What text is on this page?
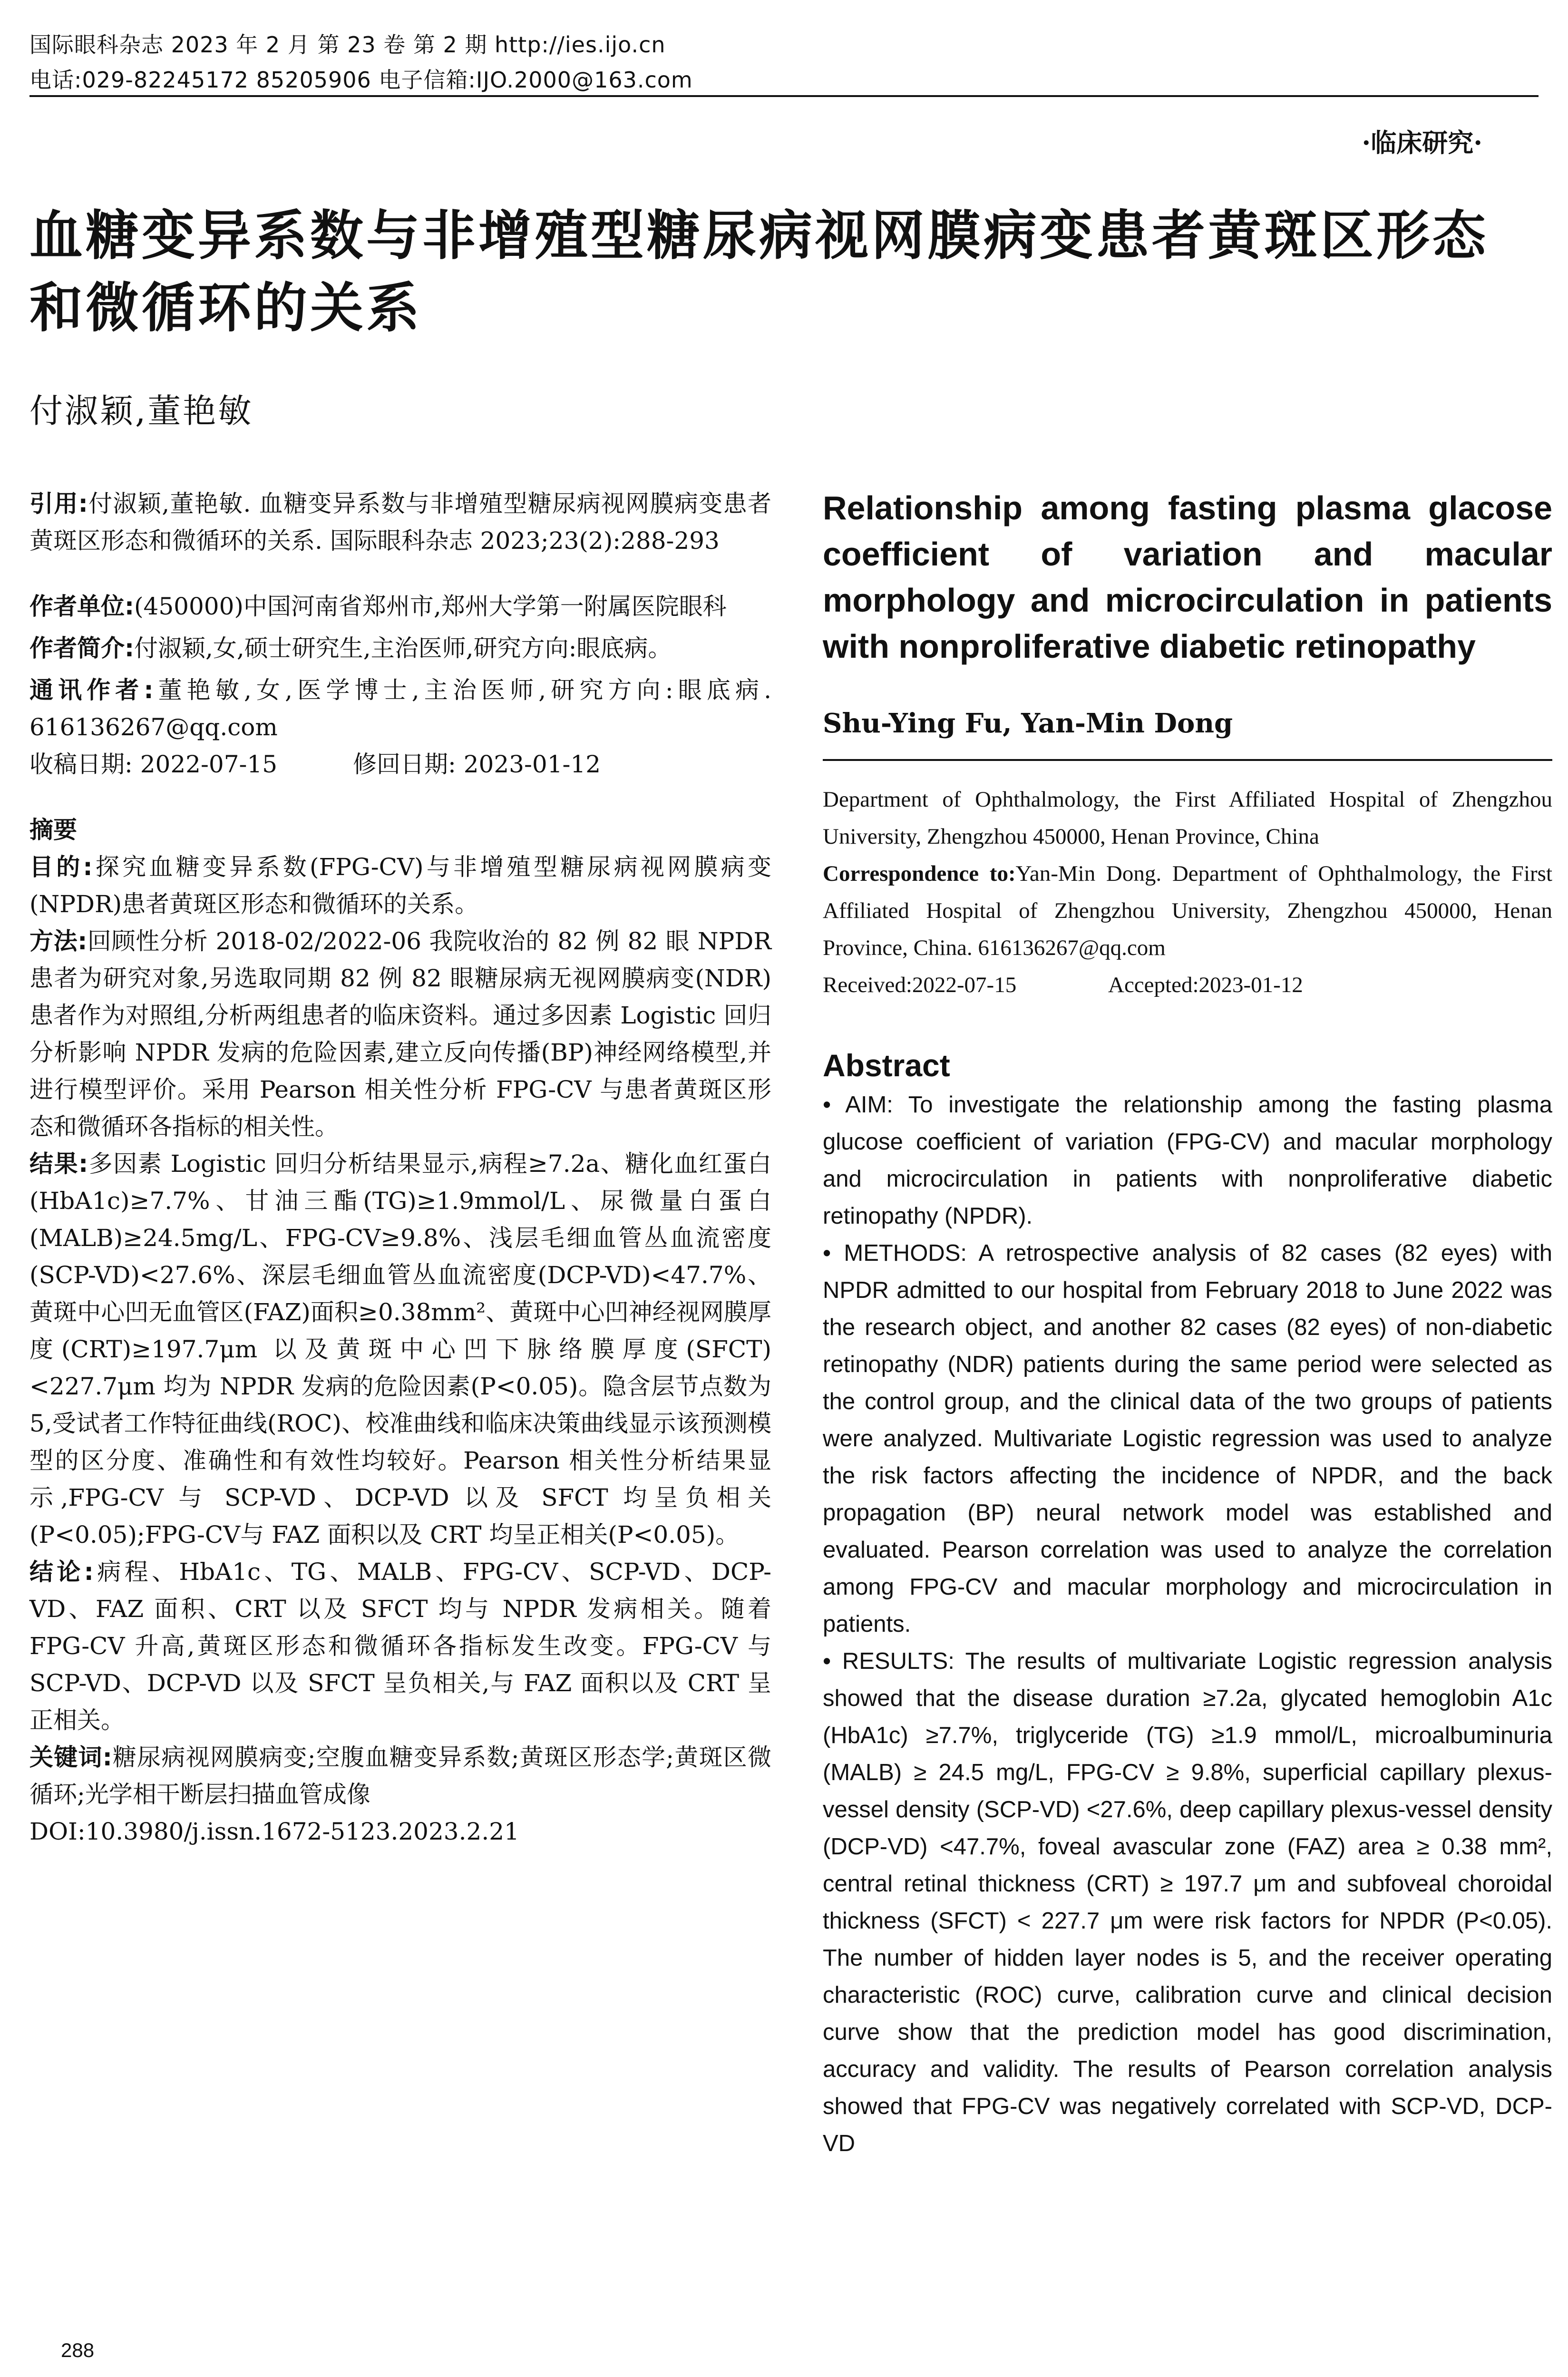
国际眼科杂志 2023 年 2 月 第 23 卷 第 2 期 http://ies.ijo.cn
电话:029-82245172 85205906 电子信箱:IJO.2000@163.com
·临床研究·
血糖变异系数与非增殖型糖尿病视网膜病变患者黄斑区形态和微循环的关系
付淑颖,董艳敏
引用:付淑颖,董艳敏. 血糖变异系数与非增殖型糖尿病视网膜病变患者黄斑区形态和微循环的关系. 国际眼科杂志 2023;23(2):288-293
作者单位:(450000)中国河南省郑州市,郑州大学第一附属医院眼科
作者简介:付淑颖,女,硕士研究生,主治医师,研究方向:眼底病。
通讯作者:董艳敏,女,医学博士,主治医师,研究方向:眼底病. 616136267@qq.com
收稿日期: 2022-07-15	修回日期: 2023-01-12
摘要
目的:探究血糖变异系数(FPG-CV)与非增殖型糖尿病视网膜病变(NPDR)患者黄斑区形态和微循环的关系。
方法:回顾性分析 2018-02/2022-06 我院收治的 82 例 82 眼 NPDR 患者为研究对象,另选取同期 82 例 82 眼糖尿病无视网膜病变(NDR)患者作为对照组,分析两组患者的临床资料。通过多因素 Logistic 回归分析影响 NPDR 发病的危险因素,建立反向传播(BP)神经网络模型,并进行模型评价。采用 Pearson 相关性分析 FPG-CV 与患者黄斑区形态和微循环各指标的相关性。
结果:多因素 Logistic 回归分析结果显示,病程≥7.2a、糖化血红蛋白(HbA1c)≥7.7%、甘油三酯(TG)≥1.9mmol/L、尿微量白蛋白(MALB)≥24.5mg/L、FPG-CV≥9.8%、浅层毛细血管丛血流密度(SCP-VD)<27.6%、深层毛细血管丛血流密度(DCP-VD)<47.7%、黄斑中心凹无血管区(FAZ)面积≥0.38mm²、黄斑中心凹神经视网膜厚度(CRT)≥197.7μm 以及黄斑中心凹下脉络膜厚度(SFCT)<227.7μm 均为 NPDR 发病的危险因素(P<0.05)。隐含层节点数为 5,受试者工作特征曲线(ROC)、校准曲线和临床决策曲线显示该预测模型的区分度、准确性和有效性均较好。Pearson 相关性分析结果显示,FPG-CV 与 SCP-VD、DCP-VD 以及 SFCT 均呈负相关(P<0.05);FPG-CV与 FAZ 面积以及 CRT 均呈正相关(P<0.05)。
结论:病程、HbA1c、TG、MALB、FPG-CV、SCP-VD、DCP-VD、FAZ 面积、CRT 以及 SFCT 均与 NPDR 发病相关。随着 FPG-CV 升高,黄斑区形态和微循环各指标发生改变。FPG-CV 与 SCP-VD、DCP-VD 以及 SFCT 呈负相关,与 FAZ 面积以及 CRT 呈正相关。
关键词:糖尿病视网膜病变;空腹血糖变异系数;黄斑区形态学;黄斑区微循环;光学相干断层扫描血管成像
DOI:10.3980/j.issn.1672-5123.2023.2.21
Relationship among fasting plasma glacose coefficient of variation and macular morphology and microcirculation in patients with nonproliferative diabetic retinopathy
Shu-Ying Fu, Yan-Min Dong
Department of Ophthalmology, the First Affiliated Hospital of Zhengzhou University, Zhengzhou 450000, Henan Province, China
Correspondence to:Yan-Min Dong. Department of Ophthalmology, the First Affiliated Hospital of Zhengzhou University, Zhengzhou 450000, Henan Province, China. 616136267@qq.com
Received:2022-07-15	Accepted:2023-01-12
Abstract
• AIM: To investigate the relationship among the fasting plasma glucose coefficient of variation (FPG-CV) and macular morphology and microcirculation in patients with nonproliferative diabetic retinopathy (NPDR).
• METHODS: A retrospective analysis of 82 cases (82 eyes) with NPDR admitted to our hospital from February 2018 to June 2022 was the research object, and another 82 cases (82 eyes) of non-diabetic retinopathy (NDR) patients during the same period were selected as the control group, and the clinical data of the two groups of patients were analyzed. Multivariate Logistic regression was used to analyze the risk factors affecting the incidence of NPDR, and the back propagation (BP) neural network model was established and evaluated. Pearson correlation was used to analyze the correlation among FPG-CV and macular morphology and microcirculation in patients.
• RESULTS: The results of multivariate Logistic regression analysis showed that the disease duration ≥7.2a, glycated hemoglobin A1c (HbA1c) ≥7.7%, triglyceride (TG) ≥1.9 mmol/L, microalbuminuria (MALB) ≥ 24.5 mg/L, FPG-CV ≥ 9.8%, superficial capillary plexus-vessel density (SCP-VD) <27.6%, deep capillary plexus-vessel density (DCP-VD) <47.7%, foveal avascular zone (FAZ) area ≥ 0.38 mm², central retinal thickness (CRT) ≥ 197.7 μm and subfoveal choroidal thickness (SFCT) < 227.7 μm were risk factors for NPDR (P<0.05). The number of hidden layer nodes is 5, and the receiver operating characteristic (ROC) curve, calibration curve and clinical decision curve show that the prediction model has good discrimination, accuracy and validity. The results of Pearson correlation analysis showed that FPG-CV was negatively correlated with SCP-VD, DCP-VD
288
